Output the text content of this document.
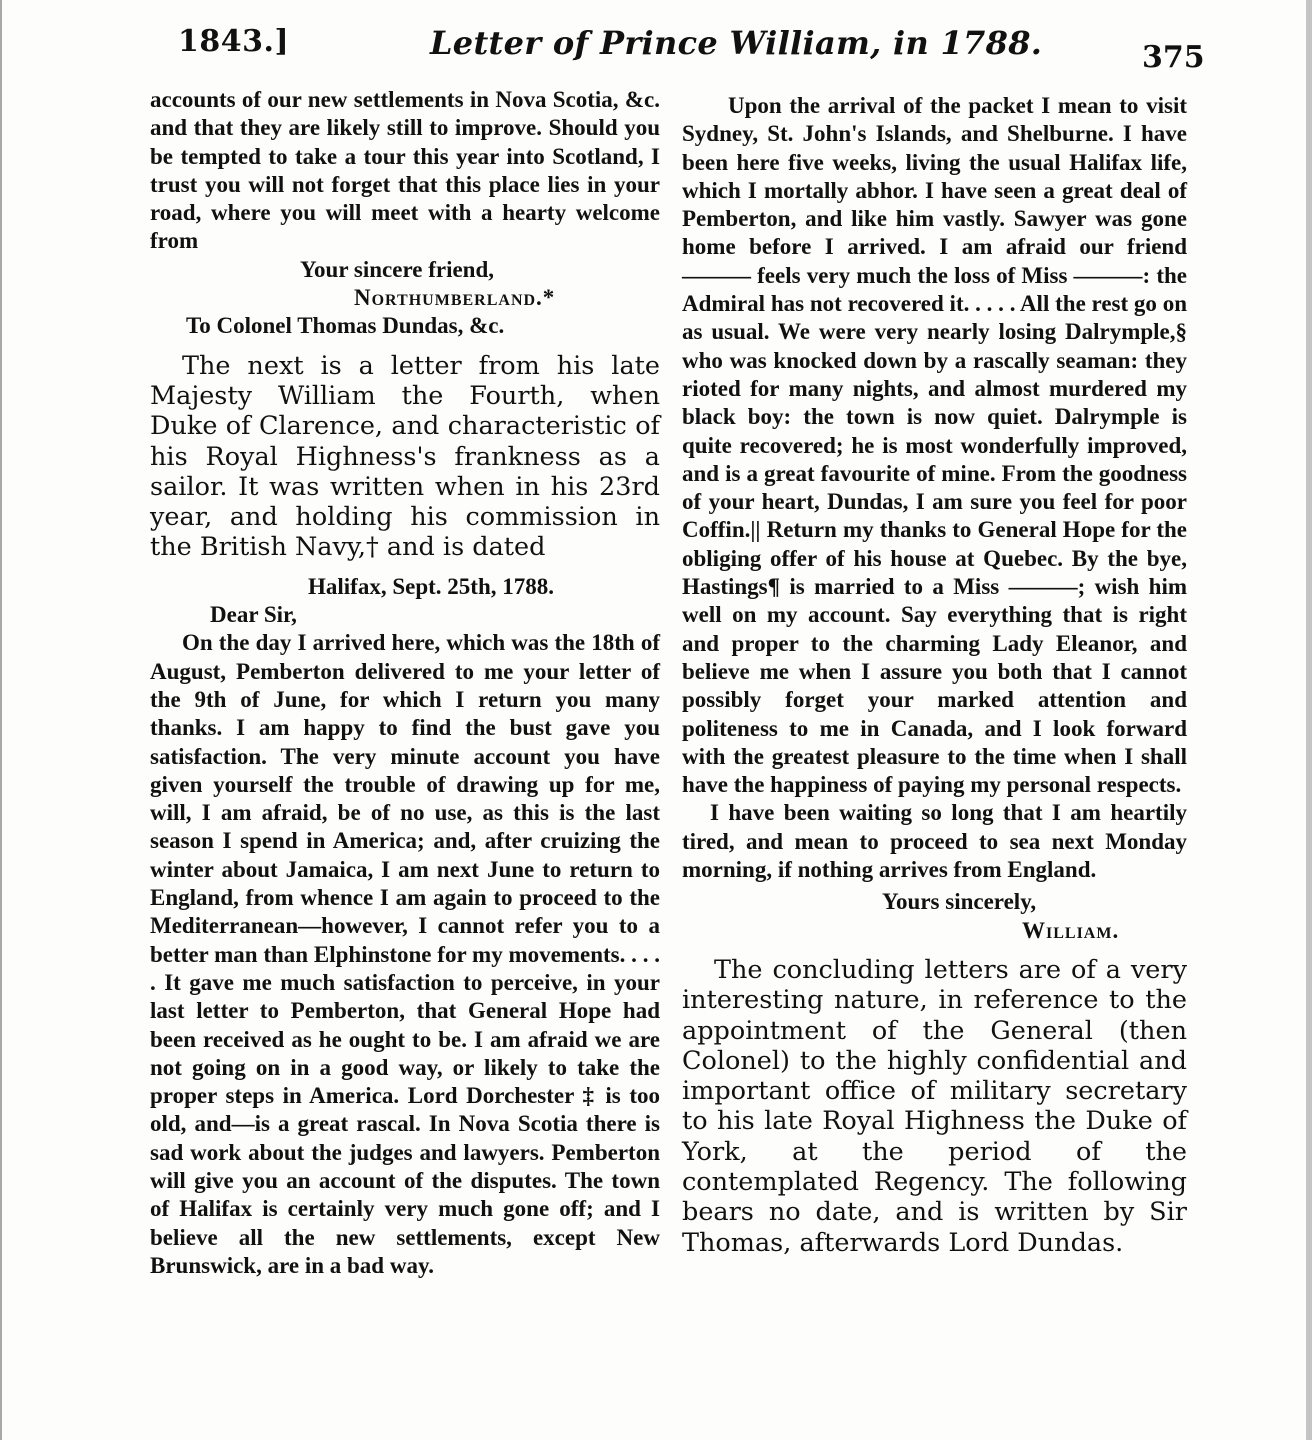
1843.]	Letter of Prince William, in 1788.	375

accounts of our new settlements in Nova Scotia, &c. and that they are likely still to improve. Should you be tempted to take a tour this year into Scotland, I trust you will not forget that this place lies in your road, where you will meet with a hearty welcome from

Your sincere friend,

Northumberland.*

To Colonel Thomas Dundas, &c.

The next is a letter from his late Majesty William the Fourth, when Duke of Clarence, and characteristic of his Royal Highness's frankness as a sailor. It was written when in his 23rd year, and holding his commission in the British Navy,† and is dated

Halifax, Sept. 25th, 1788.

Dear Sir,

On the day I arrived here, which was the 18th of August, Pemberton delivered to me your letter of the 9th of June, for which I return you many thanks. I am happy to find the bust gave you satisfaction. The very minute account you have given yourself the trouble of drawing up for me, will, I am afraid, be of no use, as this is the last season I spend in America; and, after cruizing the winter about Jamaica, I am next June to return to England, from whence I am again to proceed to the Mediterranean—however, I cannot refer you to a better man than Elphinstone for my movements. . . . . It gave me much satisfaction to perceive, in your last letter to Pemberton, that General Hope had been received as he ought to be. I am afraid we are not going on in a good way, or likely to take the proper steps in America. Lord Dorchester ‡ is too old, and—is a great rascal. In Nova Scotia there is sad work about the judges and lawyers. Pemberton will give you an account of the disputes. The town of Halifax is certainly very much gone off; and I believe all the new settlements, except New Brunswick, are in a bad way.

Upon the arrival of the packet I mean to visit Sydney, St. John's Islands, and Shelburne. I have been here five weeks, living the usual Halifax life, which I mortally abhor. I have seen a great deal of Pemberton, and like him vastly. Sawyer was gone home before I arrived. I am afraid our friend ——— feels very much the loss of Miss ———: the Admiral has not recovered it. . . . . All the rest go on as usual. We were very nearly losing Dalrymple,§ who was knocked down by a rascally seaman: they rioted for many nights, and almost murdered my black boy: the town is now quiet. Dalrymple is quite recovered; he is most wonderfully improved, and is a great favourite of mine. From the goodness of your heart, Dundas, I am sure you feel for poor Coffin.|| Return my thanks to General Hope for the obliging offer of his house at Quebec. By the bye, Hastings¶ is married to a Miss ———; wish him well on my account. Say everything that is right and proper to the charming Lady Eleanor, and believe me when I assure you both that I cannot possibly forget your marked attention and politeness to me in Canada, and I look forward with the greatest pleasure to the time when I shall have the happiness of paying my personal respects.

I have been waiting so long that I am heartily tired, and mean to proceed to sea next Monday morning, if nothing arrives from England.

Yours sincerely,

William.

The concluding letters are of a very interesting nature, in reference to the appointment of the General (then Colonel) to the highly confidential and important office of military secretary to his late Royal Highness the Duke of York, at the period of the contemplated Regency. The following bears no date, and is written by Sir Thomas, afterwards Lord Dundas.
